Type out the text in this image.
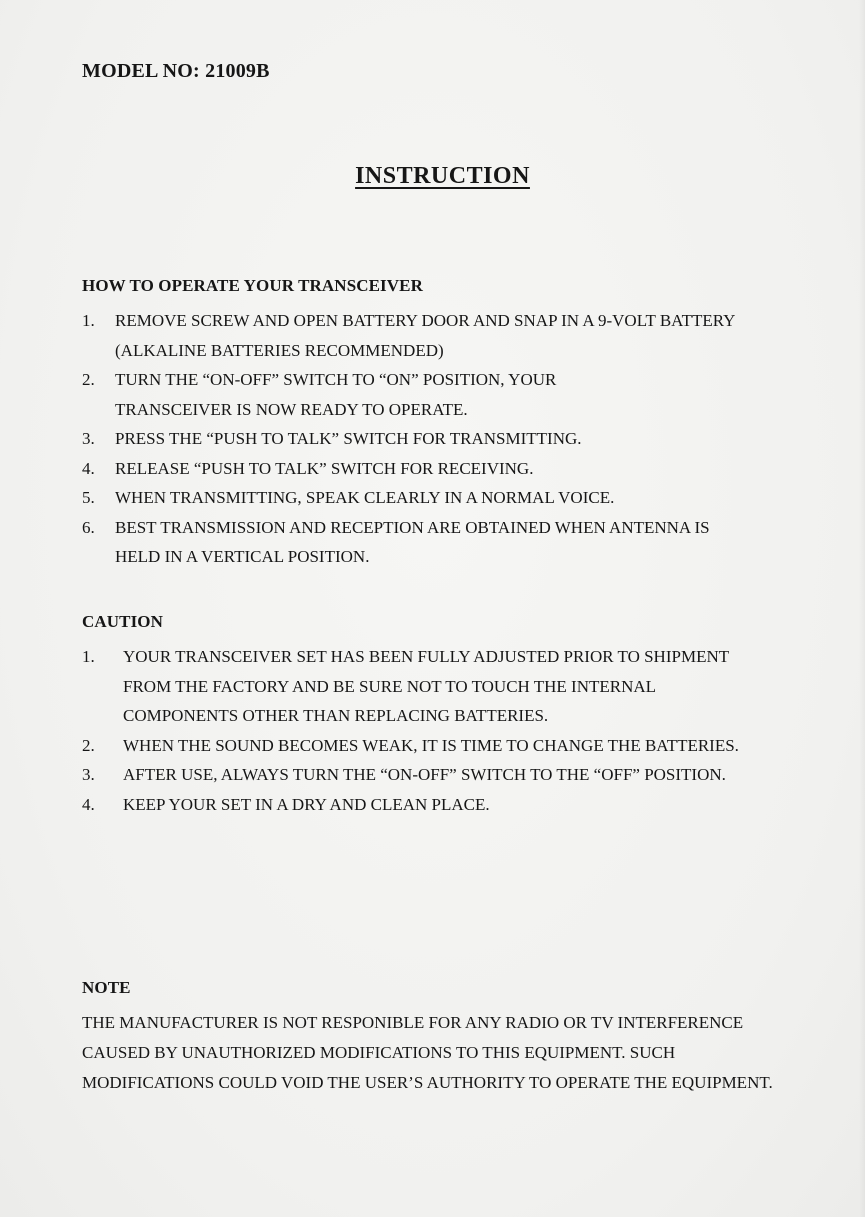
MODEL NO: 21009B
INSTRUCTION
HOW TO OPERATE YOUR TRANSCEIVER
1. REMOVE SCREW AND OPEN BATTERY DOOR AND SNAP IN A 9-VOLT BATTERY (ALKALINE BATTERIES RECOMMENDED)
2. TURN THE “ON-OFF” SWITCH TO “ON” POSITION, YOUR TRANSCEIVER IS NOW READY TO OPERATE.
3. PRESS THE “PUSH TO TALK” SWITCH FOR TRANSMITTING.
4. RELEASE “PUSH TO TALK” SWITCH FOR RECEIVING.
5. WHEN TRANSMITTING, SPEAK CLEARLY IN A NORMAL VOICE.
6. BEST TRANSMISSION AND RECEPTION ARE OBTAINED WHEN ANTENNA IS HELD IN A VERTICAL POSITION.
CAUTION
1. YOUR TRANSCEIVER SET HAS BEEN FULLY ADJUSTED PRIOR TO SHIPMENT FROM THE FACTORY AND BE SURE NOT TO TOUCH THE INTERNAL COMPONENTS OTHER THAN REPLACING BATTERIES.
2. WHEN THE SOUND BECOMES WEAK, IT IS TIME TO CHANGE THE BATTERIES.
3. AFTER USE, ALWAYS TURN THE “ON-OFF” SWITCH TO THE “OFF” POSITION.
4. KEEP YOUR SET IN A DRY AND CLEAN PLACE.
NOTE
THE MANUFACTURER IS NOT RESPONIBLE FOR ANY RADIO OR TV INTERFERENCE CAUSED BY UNAUTHORIZED MODIFICATIONS TO THIS EQUIPMENT. SUCH MODIFICATIONS COULD VOID THE USER’S AUTHORITY TO OPERATE THE EQUIPMENT.
